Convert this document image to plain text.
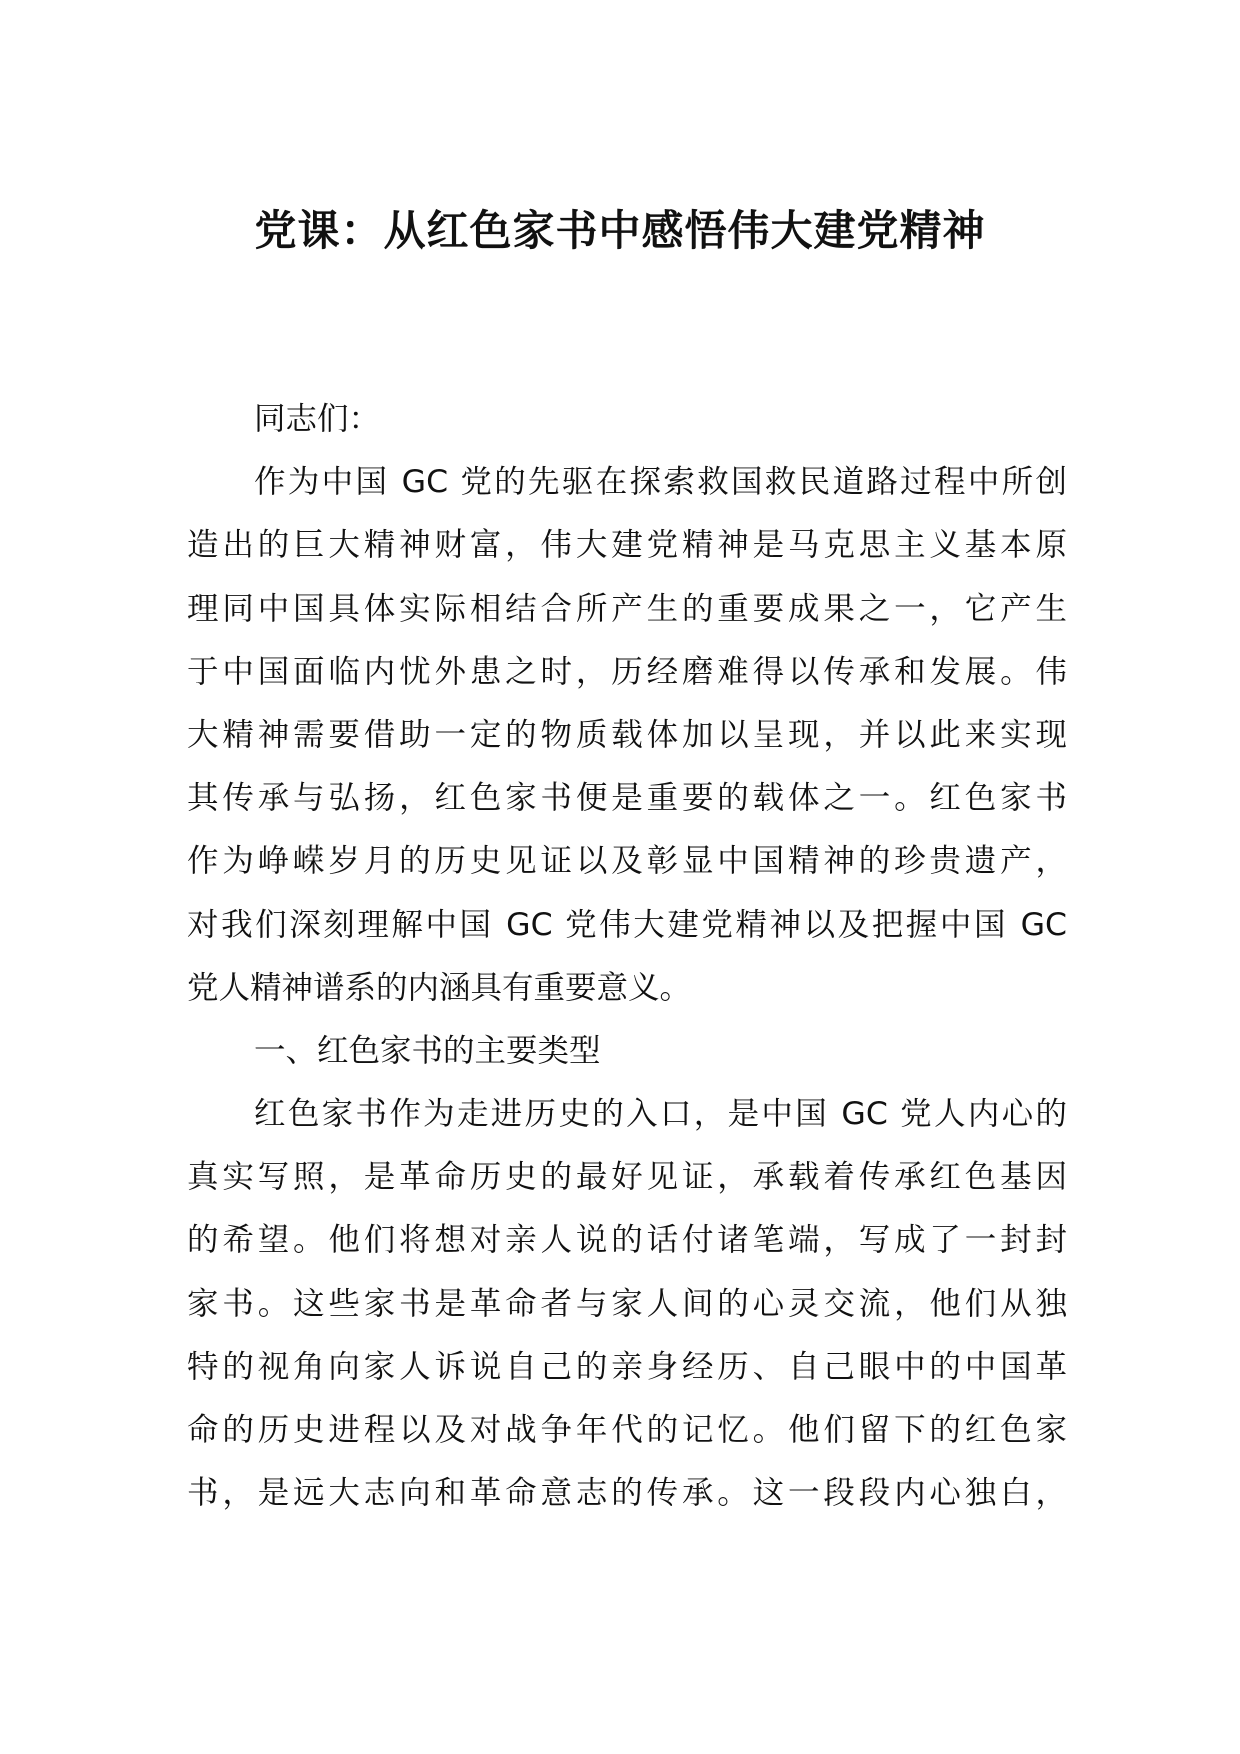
党课：从红色家书中感悟伟大建党精神
同志们：
作为中国 GC 党的先驱在探索救国救民道路过程中所创
造出的巨大精神财富，伟大建党精神是马克思主义基本原
理同中国具体实际相结合所产生的重要成果之一，它产生
于中国面临内忧外患之时，历经磨难得以传承和发展。伟
大精神需要借助一定的物质载体加以呈现，并以此来实现
其传承与弘扬，红色家书便是重要的载体之一。红色家书
作为峥嵘岁月的历史见证以及彰显中国精神的珍贵遗产，
对我们深刻理解中国 GC 党伟大建党精神以及把握中国 GC
党人精神谱系的内涵具有重要意义。
一、红色家书的主要类型
红色家书作为走进历史的入口，是中国 GC 党人内心的
真实写照，是革命历史的最好见证，承载着传承红色基因
的希望。他们将想对亲人说的话付诸笔端，写成了一封封
家书。这些家书是革命者与家人间的心灵交流，他们从独
特的视角向家人诉说自己的亲身经历、自己眼中的中国革
命的历史进程以及对战争年代的记忆。他们留下的红色家
书，是远大志向和革命意志的传承。这一段段内心独白，
